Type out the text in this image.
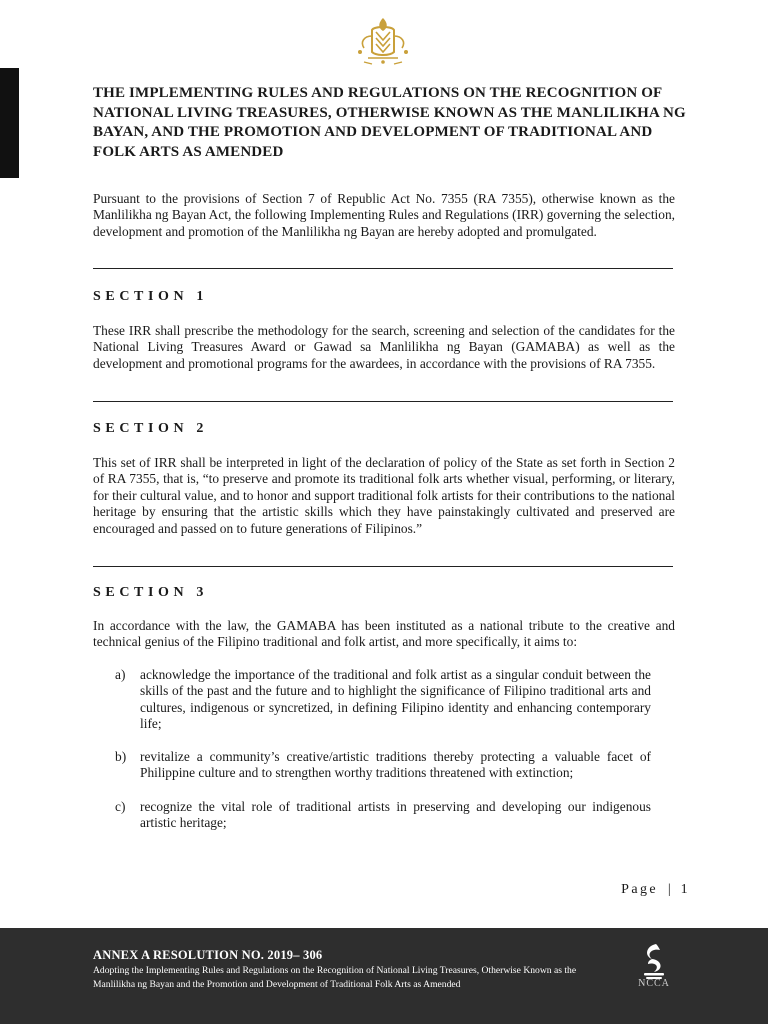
THE IMPLEMENTING RULES AND REGULATIONS ON THE RECOGNITION OF NATIONAL LIVING TREASURES, OTHERWISE KNOWN AS THE MANLILIKHA NG BAYAN, AND THE PROMOTION AND DEVELOPMENT OF TRADITIONAL AND FOLK ARTS AS AMENDED

Pursuant to the provisions of Section 7 of Republic Act No. 7355 (RA 7355), otherwise known as the Manlilikha ng Bayan Act, the following Implementing Rules and Regulations (IRR) governing the selection, development and promotion of the Manlilikha ng Bayan are hereby adopted and promulgated.

SECTION 1

These IRR shall prescribe the methodology for the search, screening and selection of the candidates for the National Living Treasures Award or Gawad sa Manlilikha ng Bayan (GAMABA) as well as the development and promotional programs for the awardees, in accordance with the provisions of RA 7355.

SECTION 2

This set of IRR shall be interpreted in light of the declaration of policy of the State as set forth in Section 2 of RA 7355, that is, “to preserve and promote its traditional folk arts whether visual, performing, or literary, for their cultural value, and to honor and support traditional folk artists for their contributions to the national heritage by ensuring that the artistic skills which they have painstakingly cultivated and preserved are encouraged and passed on to future generations of Filipinos.”

SECTION 3

In accordance with the law, the GAMABA has been instituted as a national tribute to the creative and technical genius of the Filipino traditional and folk artist, and more specifically, it aims to:

a) acknowledge the importance of the traditional and folk artist as a singular conduit between the skills of the past and the future and to highlight the significance of Filipino traditional arts and cultures, indigenous or syncretized, in defining Filipino identity and enhancing contemporary life;

b) revitalize a community’s creative/artistic traditions thereby protecting a valuable facet of Philippine culture and to strengthen worthy traditions threatened with extinction;

c) recognize the vital role of traditional artists in preserving and developing our indigenous artistic heritage;

Page | 1

ANNEX A RESOLUTION NO. 2019– 306

Adopting the Implementing Rules and Regulations on the Recognition of National Living Treasures, Otherwise Known as the Manlilikha ng Bayan and the Promotion and Development of Traditional Folk Arts as Amended	NCCA
